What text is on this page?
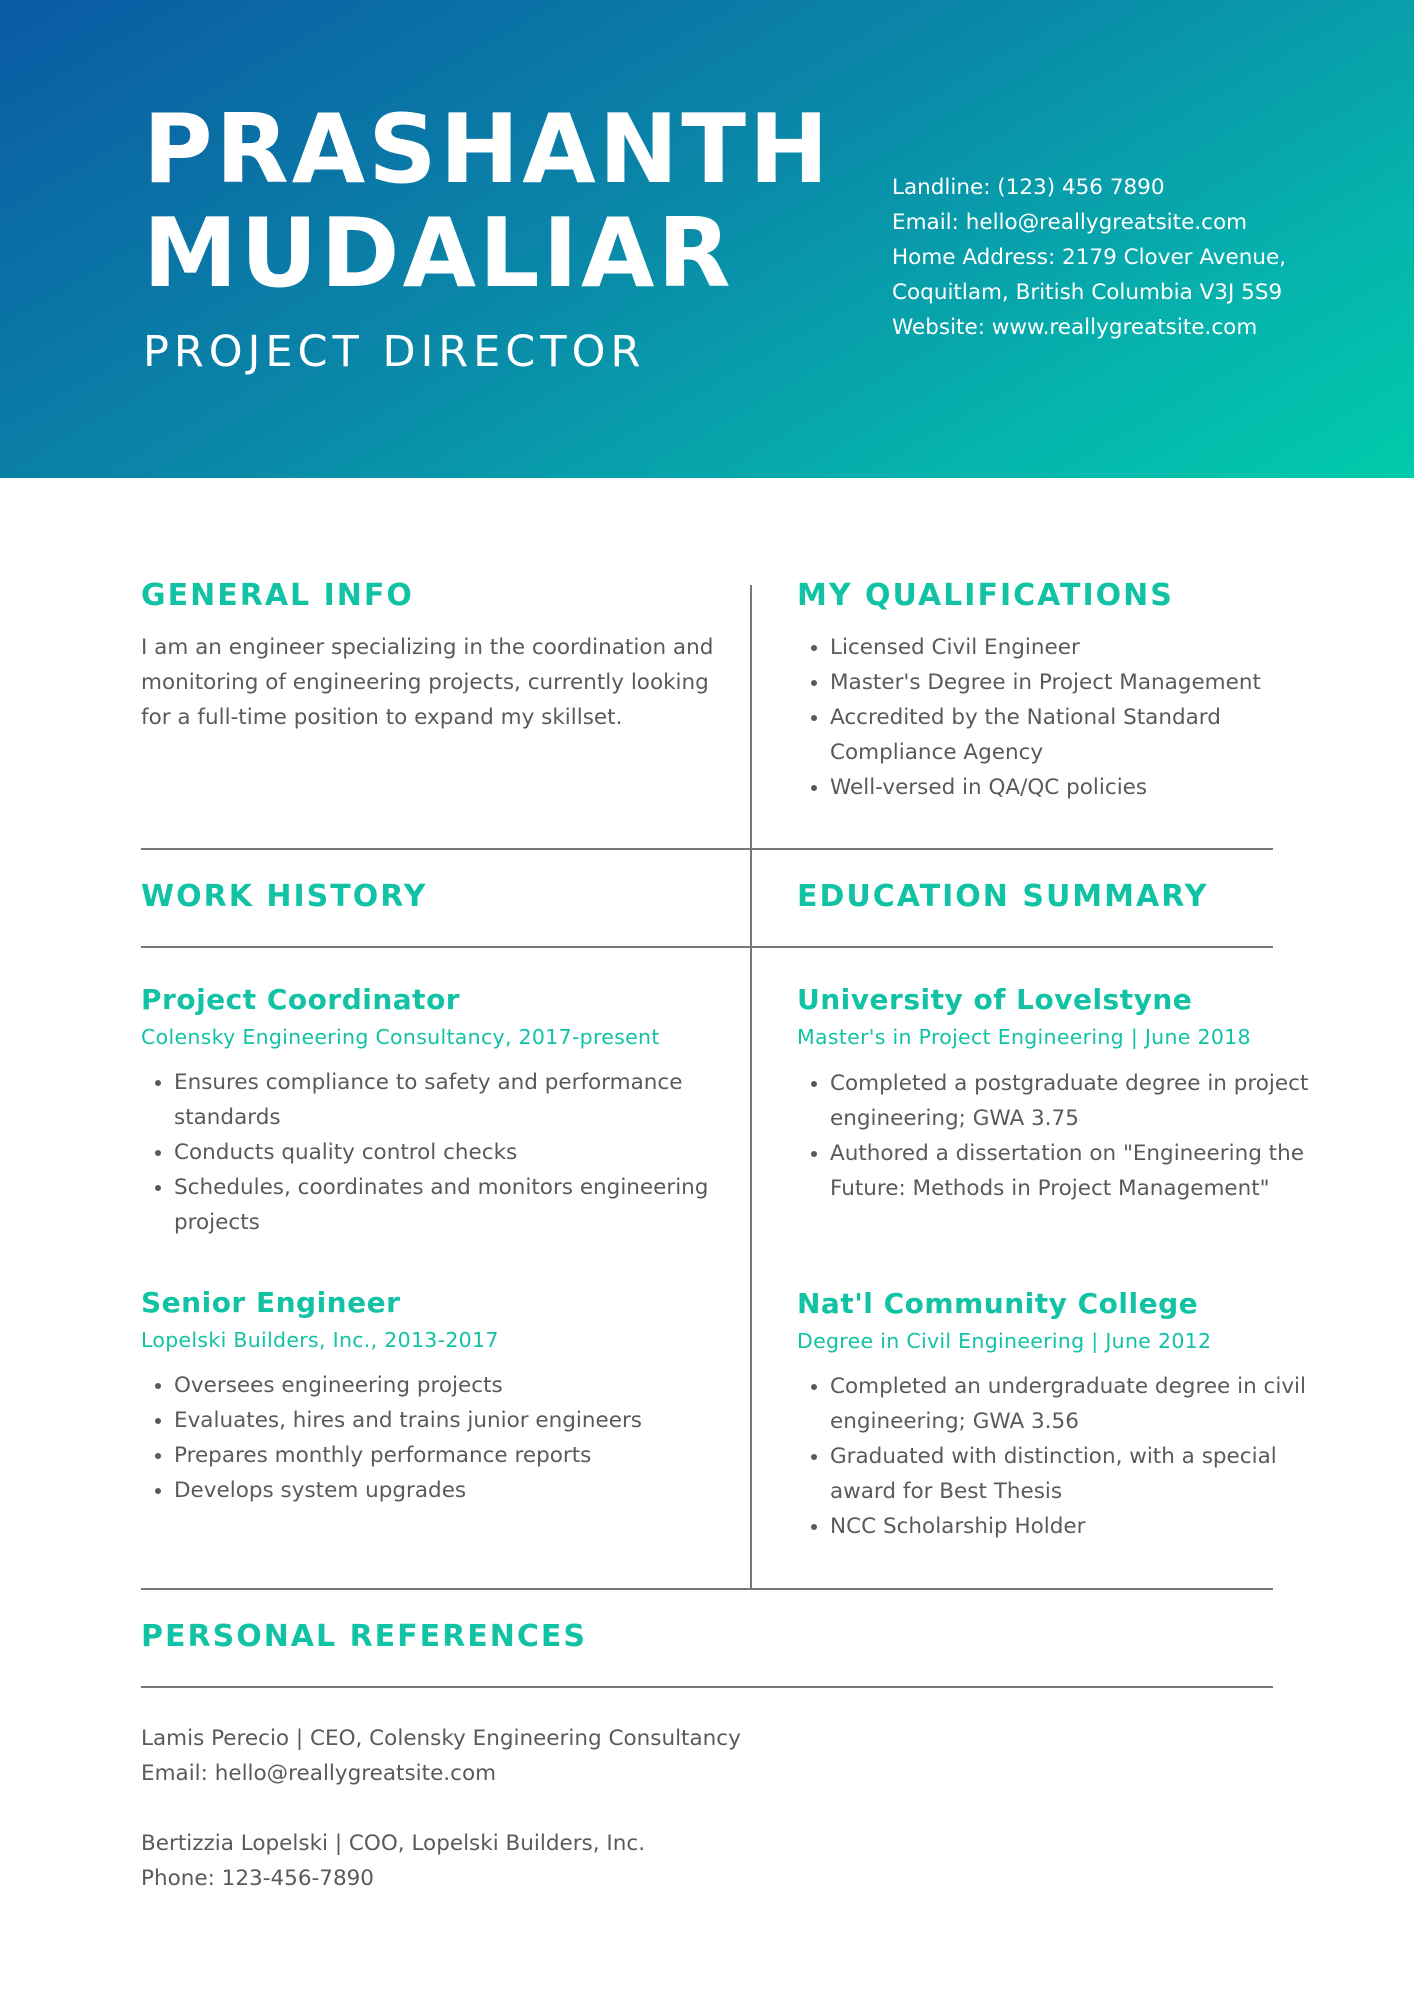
PRASHANTH
MUDALIAR
PROJECT DIRECTOR
Landline: (123) 456 7890
Email: hello@reallygreatsite.com
Home Address: 2179 Clover Avenue,
Coquitlam, British Columbia V3J 5S9
Website: www.reallygreatsite.com
GENERAL INFO

I am an engineer specializing in the coordination and monitoring of engineering projects, currently looking for a full-time position to expand my skillset.

MY QUALIFICATIONS
• Licensed Civil Engineer
• Master's Degree in Project Management
• Accredited by the National Standard Compliance Agency
• Well-versed in QA/QC policies
WORK HISTORY
Project Coordinator
Colensky Engineering Consultancy, 2017-present
• Ensures compliance to safety and performance standards
• Conducts quality control checks
• Schedules, coordinates and monitors engineering projects
Senior Engineer
Lopelski Builders, Inc., 2013-2017
• Oversees engineering projects
• Evaluates, hires and trains junior engineers
• Prepares monthly performance reports
• Develops system upgrades
EDUCATION SUMMARY
University of Lovelstyne
Master's in Project Engineering | June 2018
• Completed a postgraduate degree in project engineering; GWA 3.75
• Authored a dissertation on "Engineering the Future: Methods in Project Management"
Nat'l Community College
Degree in Civil Engineering | June 2012
• Completed an undergraduate degree in civil engineering; GWA 3.56
• Graduated with distinction, with a special award for Best Thesis
• NCC Scholarship Holder
PERSONAL REFERENCES
Lamis Perecio | CEO, Colensky Engineering Consultancy
Email: hello@reallygreatsite.com
Bertizzia Lopelski | COO, Lopelski Builders, Inc.
Phone: 123-456-7890
